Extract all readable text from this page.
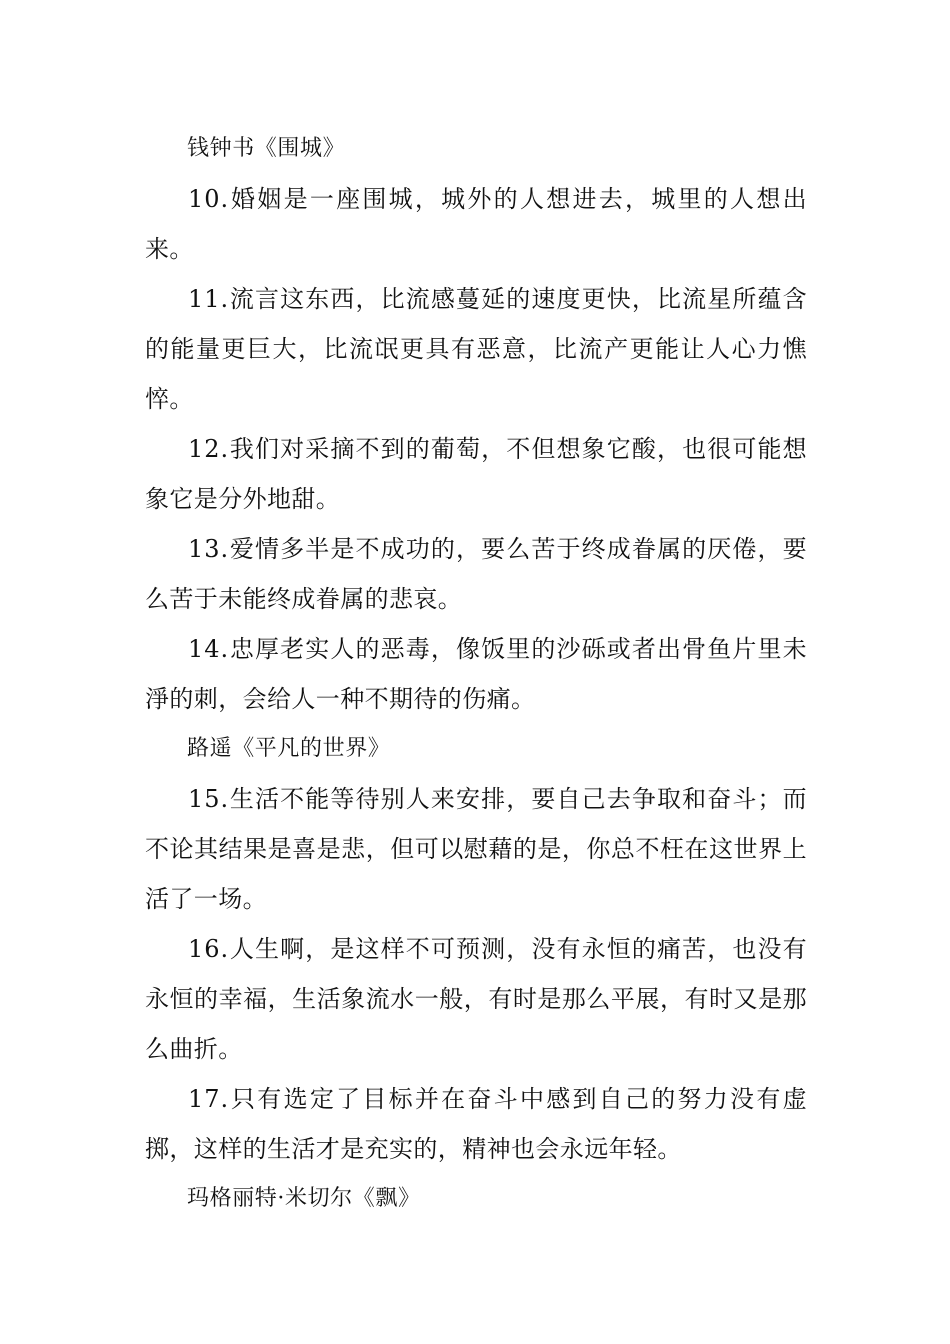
钱钟书《围城》

10.婚姻是一座围城，城外的人想进去，城里的人想出来。

11.流言这东西，比流感蔓延的速度更快，比流星所蕴含的能量更巨大，比流氓更具有恶意，比流产更能让人心力憔悴。

12.我们对采摘不到的葡萄，不但想象它酸，也很可能想象它是分外地甜。

13.爱情多半是不成功的，要么苦于终成眷属的厌倦，要么苦于未能终成眷属的悲哀。

14.忠厚老实人的恶毒，像饭里的沙砾或者出骨鱼片里未淨的刺，会给人一种不期待的伤痛。

路遥《平凡的世界》

15.生活不能等待别人来安排，要自己去争取和奋斗；而不论其结果是喜是悲，但可以慰藉的是，你总不枉在这世界上活了一场。

16.人生啊，是这样不可预测，没有永恒的痛苦，也没有永恒的幸福，生活象流水一般，有时是那么平展，有时又是那么曲折。

17.只有选定了目标并在奋斗中感到自己的努力没有虚掷，这样的生活才是充实的，精神也会永远年轻。

玛格丽特·米切尔《飘》
